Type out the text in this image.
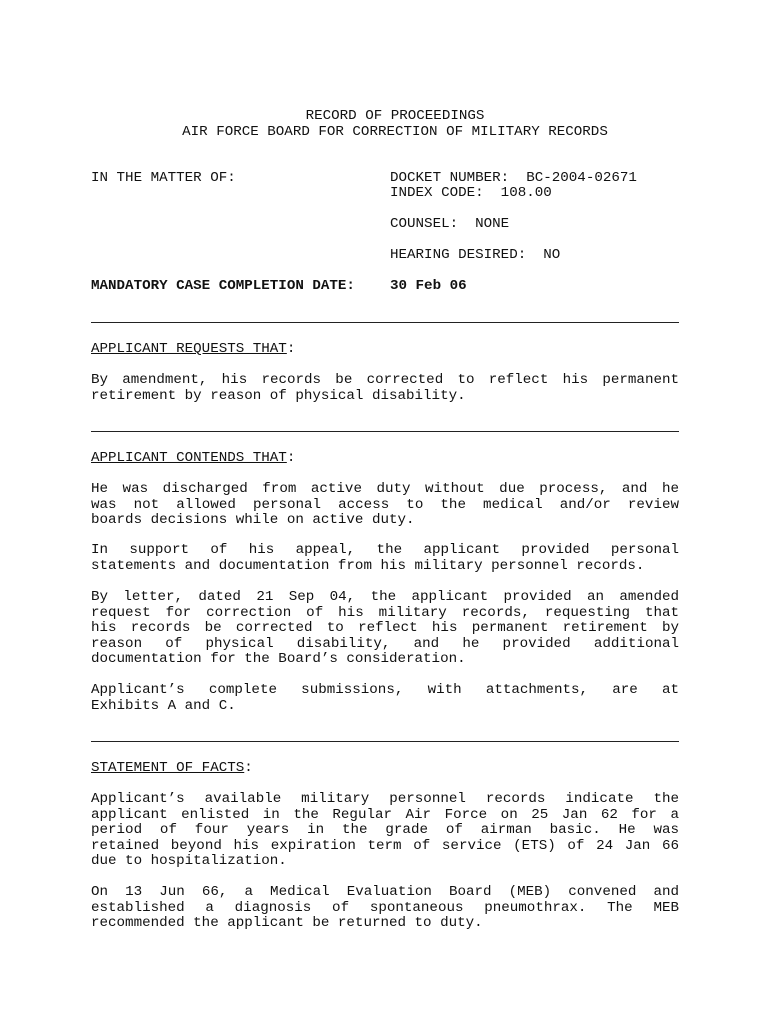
RECORD OF PROCEEDINGS
AIR FORCE BOARD FOR CORRECTION OF MILITARY RECORDS
IN THE MATTER OF:	DOCKET NUMBER:  BC-2004-02671
INDEX CODE:  108.00
COUNSEL:  NONE
HEARING DESIRED:  NO
MANDATORY CASE COMPLETION DATE: 30 Feb 06
APPLICANT REQUESTS THAT:
By amendment, his records be corrected to reflect his permanent
retirement by reason of physical disability.
APPLICANT CONTENDS THAT:
He was discharged from active duty without due process, and he
was not allowed personal access to the medical and/or review
boards decisions while on active duty.
In support of his appeal, the applicant provided personal
statements and documentation from his military personnel records.
By letter, dated 21 Sep 04, the applicant provided an amended
request for correction of his military records, requesting that
his records be corrected to reflect his permanent retirement by
reason of physical disability, and he provided additional
documentation for the Board’s consideration.
Applicant’s complete submissions, with attachments, are at
Exhibits A and C.
STATEMENT OF FACTS:
Applicant’s available military personnel records indicate the
applicant enlisted in the Regular Air Force on 25 Jan 62 for a
period of four years in the grade of airman basic. He was
retained beyond his expiration term of service (ETS) of 24 Jan 66
due to hospitalization.
On 13 Jun 66, a Medical Evaluation Board (MEB) convened and
established a diagnosis of spontaneous pneumothrax. The MEB
recommended the applicant be returned to duty.
